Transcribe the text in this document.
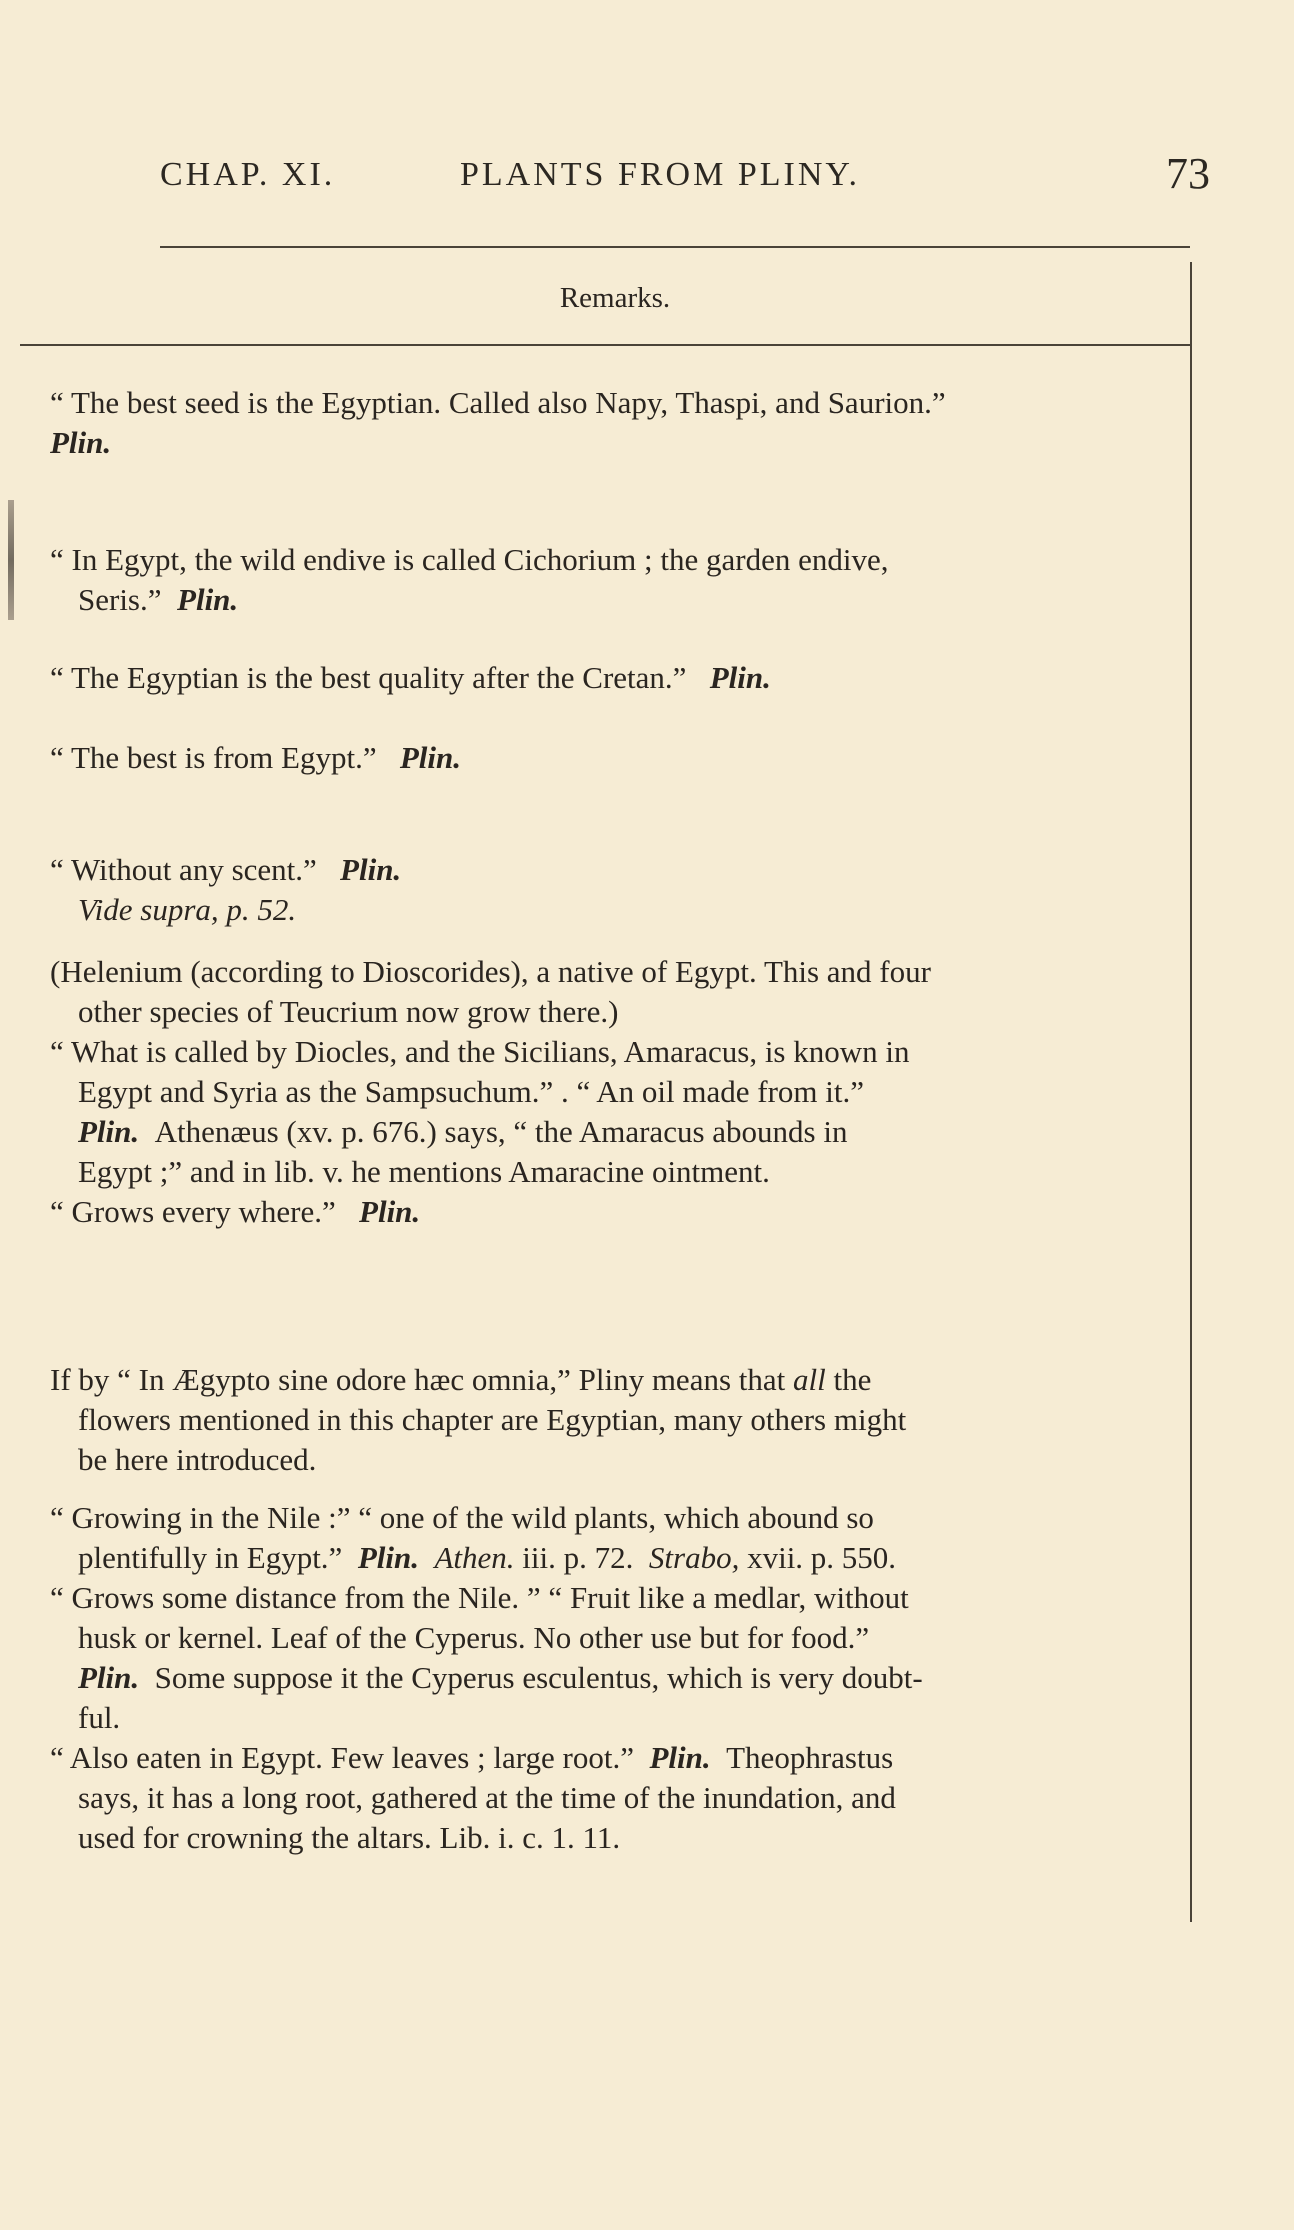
CHAP. XI.	PLANTS FROM PLINY.	73
Remarks.
“ The best seed is the Egyptian. Called also Napy, Thaspi, and Saurion.”
Plin.
“ In Egypt, the wild endive is called Cichorium ; the garden endive,
Seris.” Plin.
“ The Egyptian is the best quality after the Cretan.” Plin.
“ The best is from Egypt.” Plin.
“ Without any scent.” Plin.
Vide supra, p. 52.
(Helenium (according to Dioscorides), a native of Egypt. This and four
other species of Teucrium now grow there.)
“ What is called by Diocles, and the Sicilians, Amaracus, is known in
Egypt and Syria as the Sampsuchum.” . “ An oil made from it.”
Plin. Athenæus (xv. p. 676.) says, “ the Amaracus abounds in
Egypt ;” and in lib. v. he mentions Amaracine ointment.
“ Grows every where.” Plin.
If by “ In Ægypto sine odore hæc omnia,” Pliny means that all the
flowers mentioned in this chapter are Egyptian, many others might
be here introduced.
“ Growing in the Nile :” “ one of the wild plants, which abound so
plentifully in Egypt.” Plin. Athen. iii. p. 72. Strabo, xvii. p. 550.
“ Grows some distance from the Nile. ” “ Fruit like a medlar, without
husk or kernel. Leaf of the Cyperus. No other use but for food.”
Plin. Some suppose it the Cyperus esculentus, which is very doubt-
ful.
“ Also eaten in Egypt. Few leaves ; large root.” Plin. Theophrastus
says, it has a long root, gathered at the time of the inundation, and
used for crowning the altars. Lib. i. c. 1. 11.
